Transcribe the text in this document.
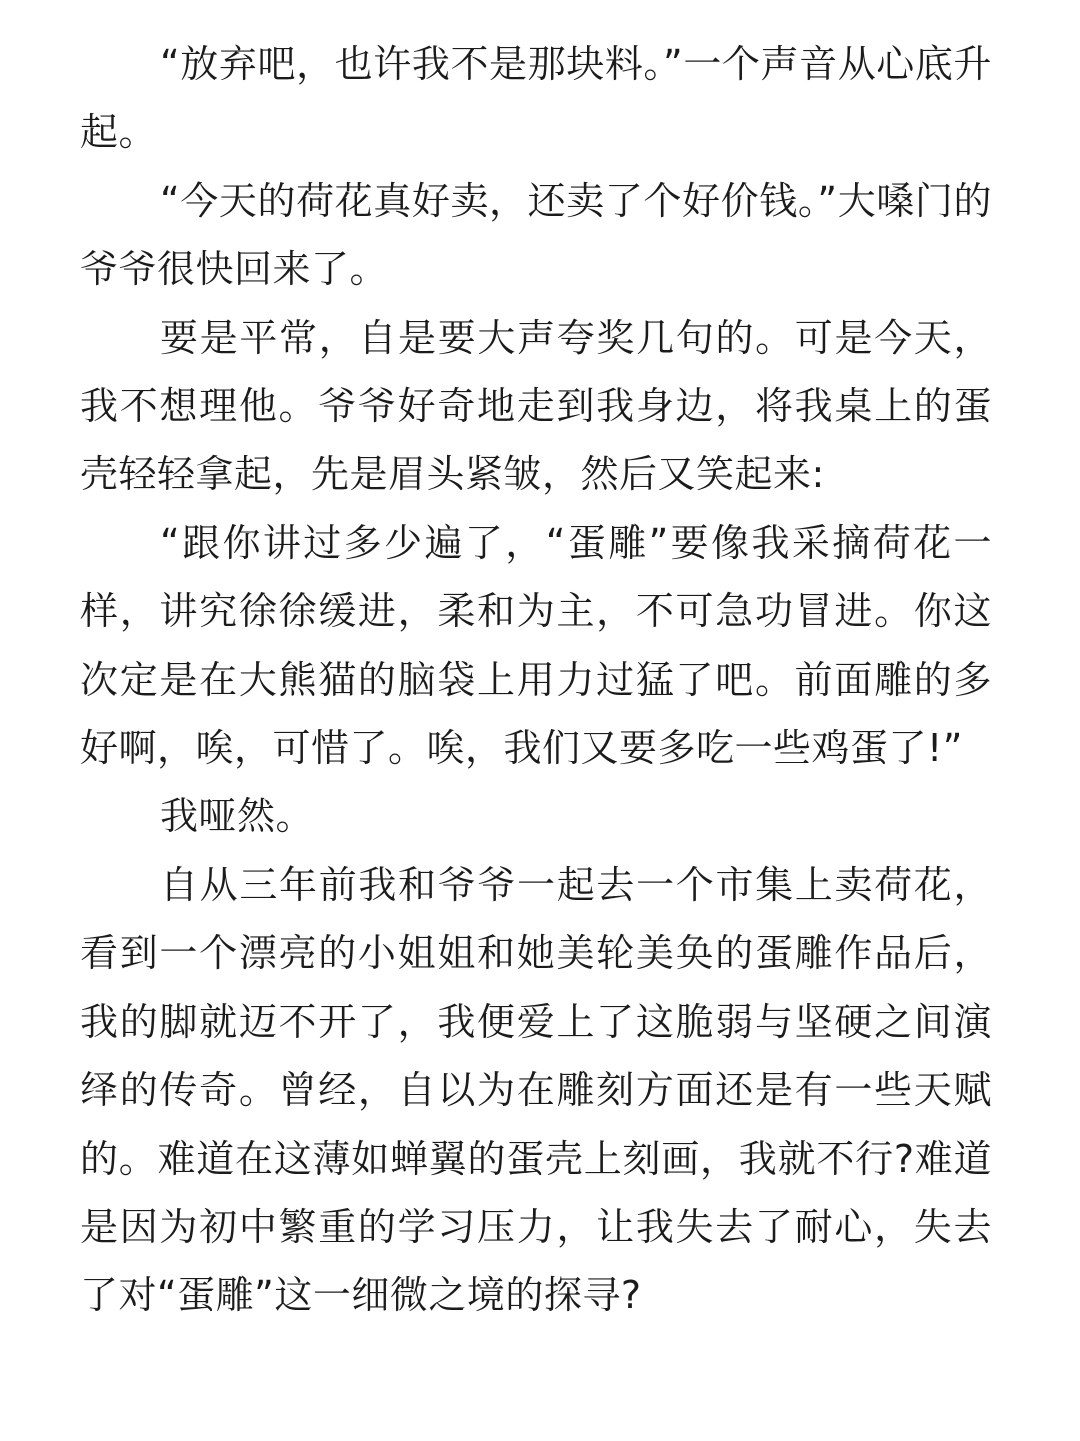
“放弃吧，也许我不是那块料。”一个声音从心底升起。

“今天的荷花真好卖，还卖了个好价钱。”大嗓门的爷爷很快回来了。

要是平常，自是要大声夸奖几句的。可是今天，我不想理他。爷爷好奇地走到我身边，将我桌上的蛋壳轻轻拿起，先是眉头紧皱，然后又笑起来:

“跟你讲过多少遍了，“蛋雕”要像我采摘荷花一样，讲究徐徐缓进，柔和为主，不可急功冒进。你这次定是在大熊猫的脑袋上用力过猛了吧。前面雕的多好啊，唉，可惜了。唉，我们又要多吃一些鸡蛋了!”

我哑然。

自从三年前我和爷爷一起去一个市集上卖荷花，看到一个漂亮的小姐姐和她美轮美奂的蛋雕作品后，我的脚就迈不开了，我便爱上了这脆弱与坚硬之间演绎的传奇。曾经，自以为在雕刻方面还是有一些天赋的。难道在这薄如蝉翼的蛋壳上刻画，我就不行?难道是因为初中繁重的学习压力，让我失去了耐心，失去了对“蛋雕”这一细微之境的探寻?
